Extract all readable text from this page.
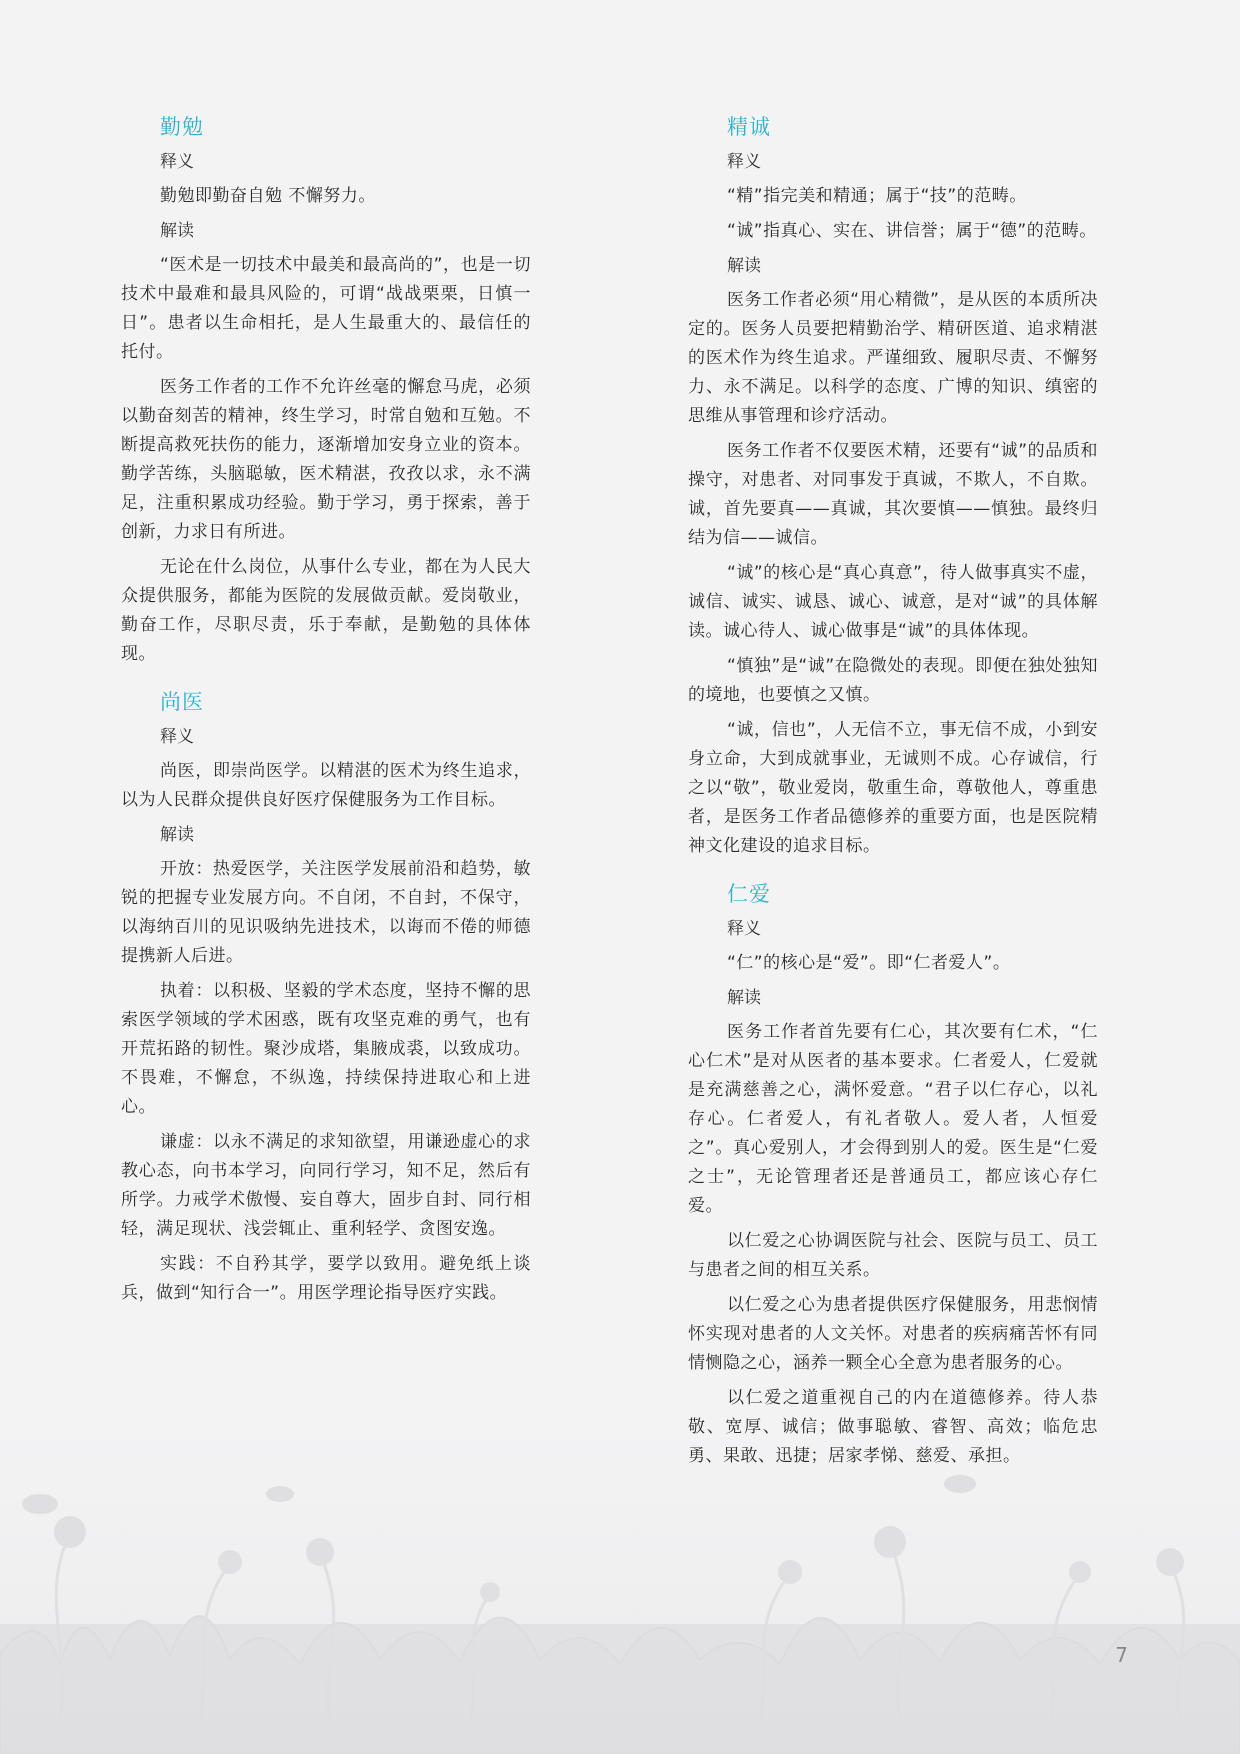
勤勉
释义

勤勉即勤奋自勉 不懈努力。

解读

“医术是一切技术中最美和最高尚的”，也是一切技术中最难和最具风险的，可谓“战战栗栗，日慎一日”。患者以生命相托，是人生最重大的、最信任的托付。

医务工作者的工作不允许丝毫的懈怠马虎，必须以勤奋刻苦的精神，终生学习，时常自勉和互勉。不断提高救死扶伤的能力，逐渐增加安身立业的资本。勤学苦练，头脑聪敏，医术精湛，孜孜以求，永不满足，注重积累成功经验。勤于学习，勇于探索，善于创新，力求日有所进。

无论在什么岗位，从事什么专业，都在为人民大众提供服务，都能为医院的发展做贡献。爱岗敬业，勤奋工作，尽职尽责，乐于奉献，是勤勉的具体体现。

尚医
释义

尚医，即崇尚医学。以精湛的医术为终生追求，以为人民群众提供良好医疗保健服务为工作目标。

解读

开放：热爱医学，关注医学发展前沿和趋势，敏锐的把握专业发展方向。不自闭，不自封，不保守，以海纳百川的见识吸纳先进技术，以诲而不倦的师德提携新人后进。

执着：以积极、坚毅的学术态度，坚持不懈的思索医学领域的学术困惑，既有攻坚克难的勇气，也有开荒拓路的韧性。聚沙成塔，集腋成裘，以致成功。不畏难，不懈怠，不纵逸，持续保持进取心和上进心。

谦虚：以永不满足的求知欲望，用谦逊虚心的求教心态，向书本学习，向同行学习，知不足，然后有所学。力戒学术傲慢、妄自尊大，固步自封、同行相轻，满足现状、浅尝辄止、重利轻学、贪图安逸。

实践：不自矜其学，要学以致用。避免纸上谈兵，做到“知行合一”。用医学理论指导医疗实践。

精诚
释义

“精”指完美和精通；属于“技”的范畴。

“诚”指真心、实在、讲信誉；属于“德”的范畴。

解读

医务工作者必须“用心精微”，是从医的本质所决定的。医务人员要把精勤治学、精研医道、追求精湛的医术作为终生追求。严谨细致、履职尽责、不懈努力、永不满足。以科学的态度、广博的知识、缜密的思维从事管理和诊疗活动。

医务工作者不仅要医术精，还要有“诚”的品质和操守，对患者、对同事发于真诚，不欺人，不自欺。诚，首先要真——真诚，其次要慎——慎独。最终归结为信——诚信。

“诚”的核心是“真心真意”，待人做事真实不虚，诚信、诚实、诚恳、诚心、诚意，是对“诚”的具体解读。诚心待人、诚心做事是“诚”的具体体现。

“慎独”是“诚”在隐微处的表现。即便在独处独知的境地，也要慎之又慎。

“诚，信也”，人无信不立，事无信不成，小到安身立命，大到成就事业，无诚则不成。心存诚信，行之以“敬”，敬业爱岗，敬重生命，尊敬他人，尊重患者，是医务工作者品德修养的重要方面，也是医院精神文化建设的追求目标。

仁爱
释义

“仁”的核心是“爱”。即“仁者爱人”。

解读

医务工作者首先要有仁心，其次要有仁术，“仁心仁术”是对从医者的基本要求。仁者爱人，仁爱就是充满慈善之心，满怀爱意。“君子以仁存心，以礼存心。仁者爱人，有礼者敬人。爱人者，人恒爱之”。真心爱别人，才会得到别人的爱。医生是“仁爱之士”，无论管理者还是普通员工，都应该心存仁爱。

以仁爱之心协调医院与社会、医院与员工、员工与患者之间的相互关系。

以仁爱之心为患者提供医疗保健服务，用悲悯情怀实现对患者的人文关怀。对患者的疾病痛苦怀有同情恻隐之心，涵养一颗全心全意为患者服务的心。

以仁爱之道重视自己的内在道德修养。待人恭敬、宽厚、诚信；做事聪敏、睿智、高效；临危忠勇、果敢、迅捷；居家孝悌、慈爱、承担。

7
